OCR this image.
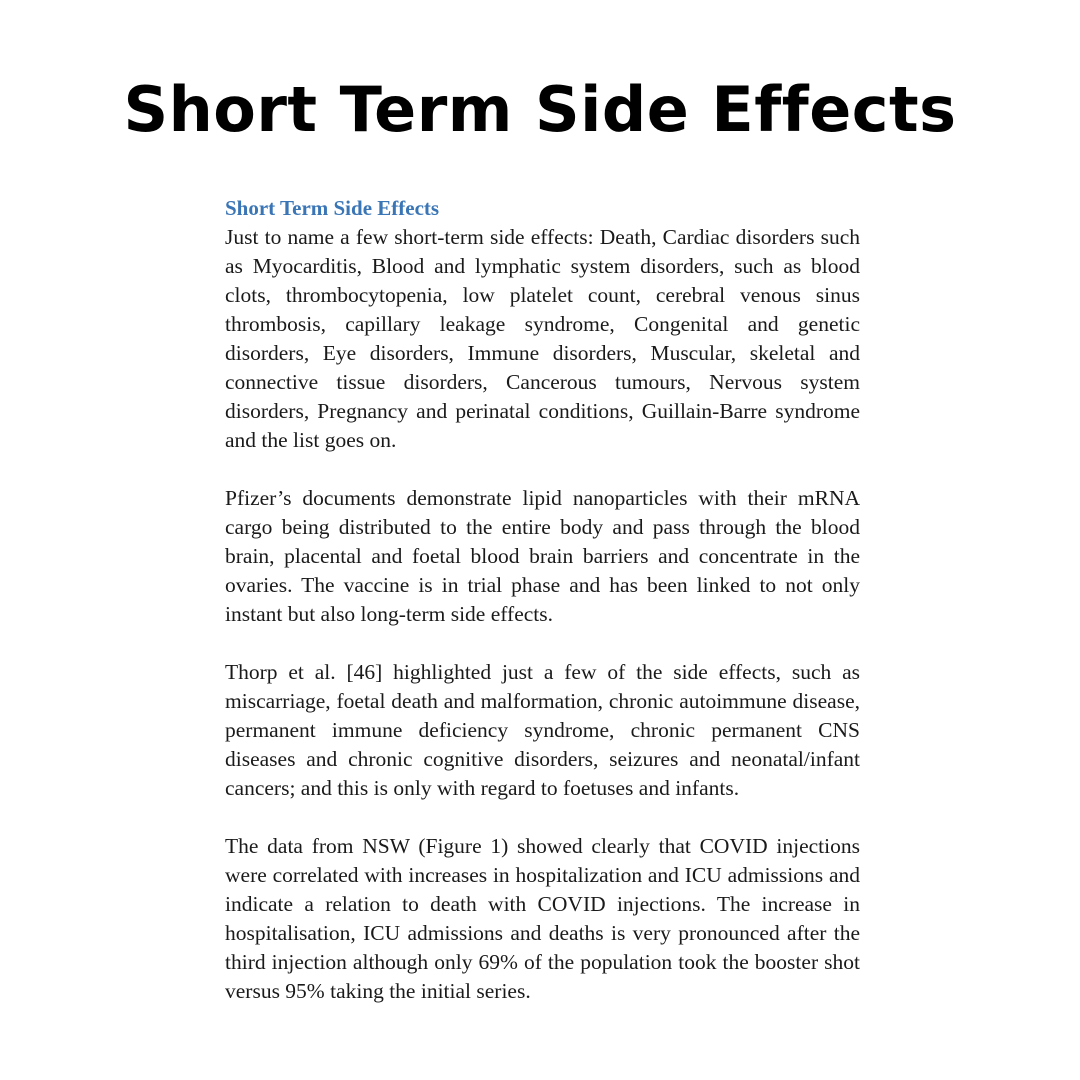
Short Term Side Effects
Short Term Side Effects

Just to name a few short-term side effects: Death, Cardiac disorders such as Myocarditis, Blood and lymphatic system disorders, such as blood clots, thrombocytopenia, low platelet count, cerebral venous sinus thrombosis, capillary leakage syndrome, Congenital and genetic disorders, Eye disorders, Immune disorders, Muscular, skeletal and connective tissue disorders, Cancerous tumours, Nervous system disorders, Pregnancy and perinatal conditions, Guillain-Barre syndrome and the list goes on.

Pfizer’s documents demonstrate lipid nanoparticles with their mRNA cargo being distributed to the entire body and pass through the blood brain, placental and foetal blood brain barriers and concentrate in the ovaries. The vaccine is in trial phase and has been linked to not only instant but also long-term side effects.

Thorp et al. [46] highlighted just a few of the side effects, such as miscarriage, foetal death and malformation, chronic autoimmune disease, permanent immune deficiency syndrome, chronic permanent CNS diseases and chronic cognitive disorders, seizures and neonatal/infant cancers; and this is only with regard to foetuses and infants.

The data from NSW (Figure 1) showed clearly that COVID injections were correlated with increases in hospitalization and ICU admissions and indicate a relation to death with COVID injections. The increase in hospitalisation, ICU admissions and deaths is very pronounced after the third injection although only 69% of the population took the booster shot versus 95% taking the initial series.
